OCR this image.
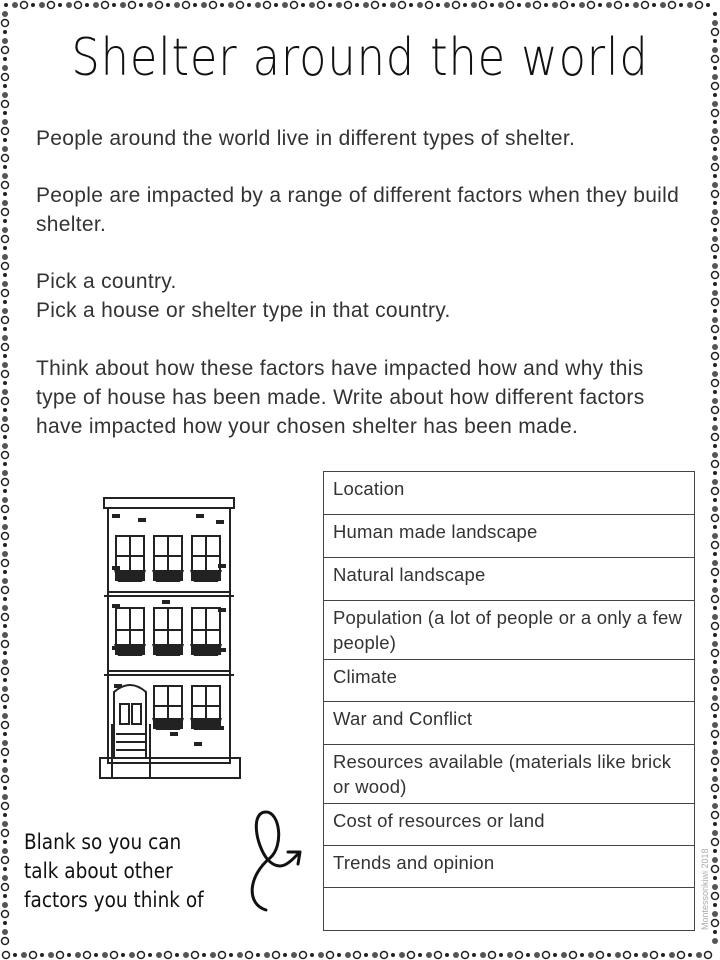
Shelter around the world

People around the world live in different types of shelter.

People are impacted by a range of different factors when they build shelter.

Pick a country.
Pick a house or shelter type in that country.

Think about how these factors have impacted how and why this type of house has been made. Write about how different factors have impacted how your chosen shelter has been made.

Location
Human made landscape
Natural landscape
Population (a lot of people or a only a few people)
Climate
War and Conflict
Resources available (materials like brick or wood)
Cost of resources or land
Trends and opinion

Blank so you can talk about other factors you think of	Montessorikiwi 2018
